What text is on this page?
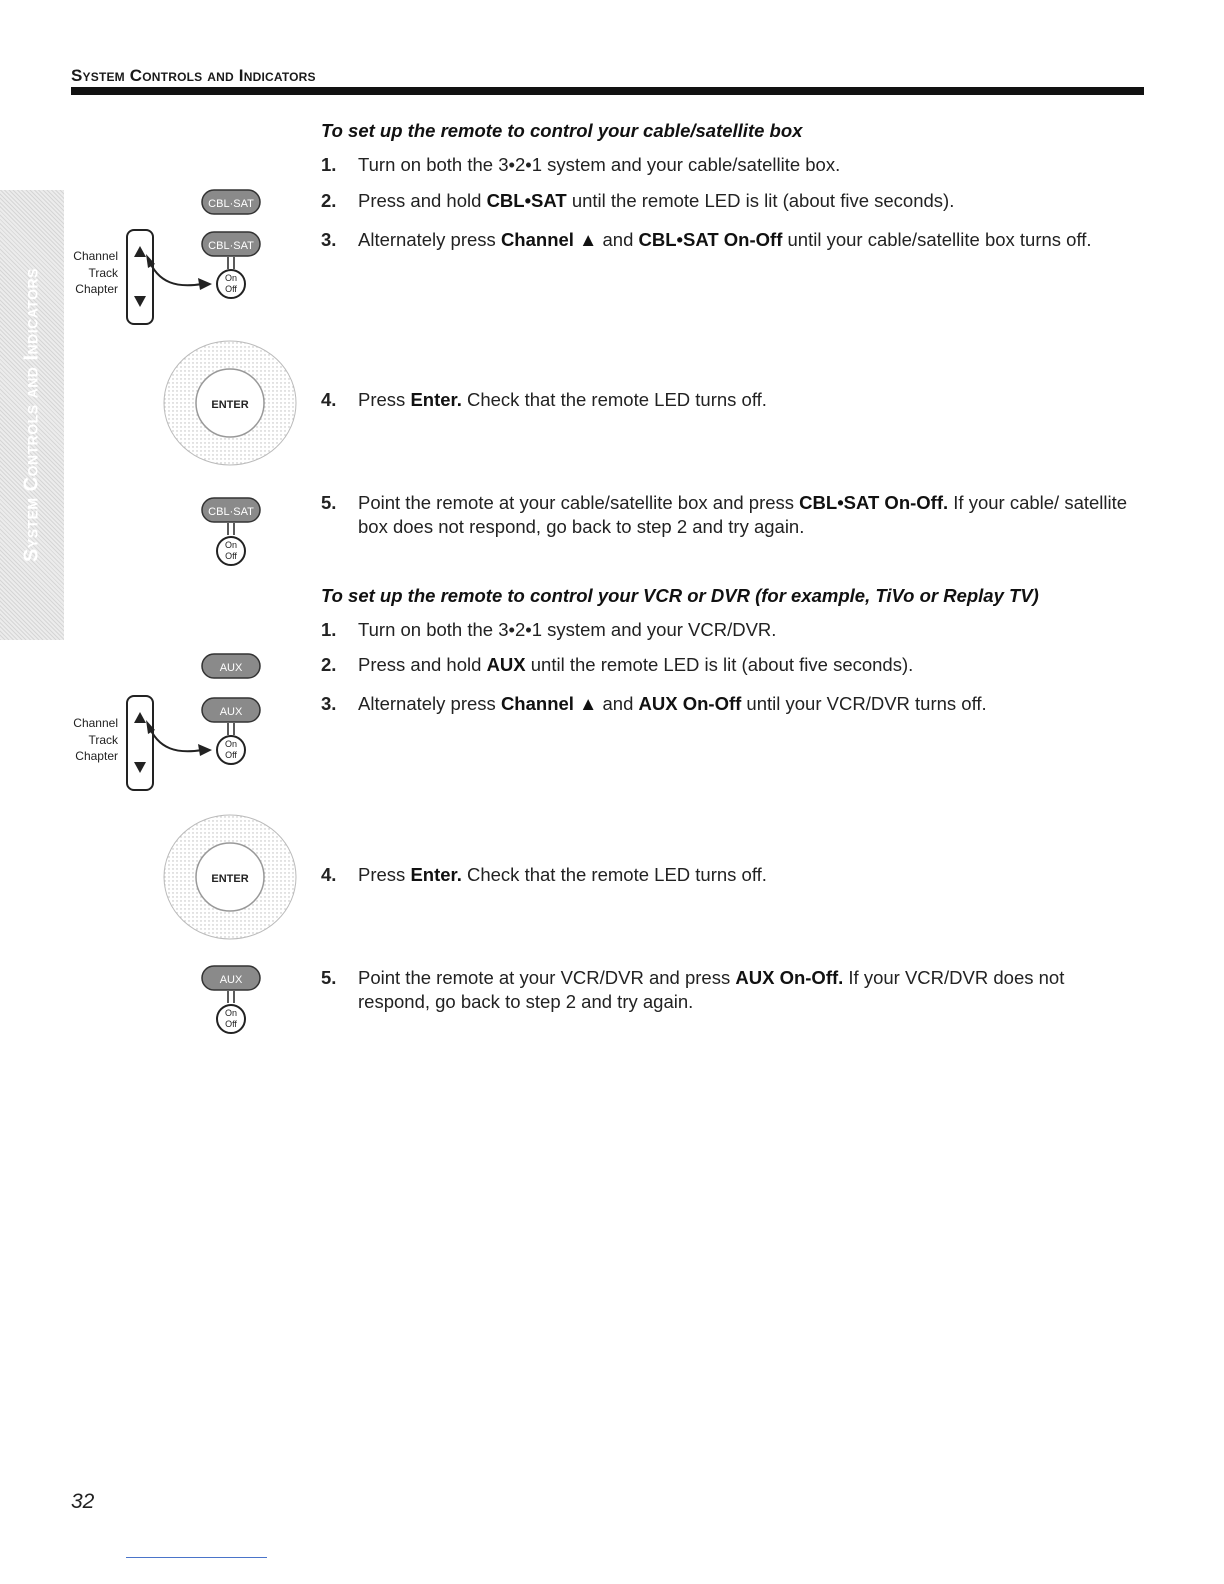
System Controls and Indicators
System Controls and Indicators
To set up the remote to control your cable/satellite box
1. Turn on both the 3•2•1 system and your cable/satellite box.
2. Press and hold CBL•SAT until the remote LED is lit (about five seconds).
3. Alternately press Channel ▲ and CBL•SAT On-Off until your cable/satellite box turns off.
4. Press Enter. Check that the remote LED turns off.
5. Point the remote at your cable/satellite box and press CBL•SAT On-Off. If your cable/ satellite box does not respond, go back to step 2 and try again.
CBL·SAT
Channel
Track
Chapter
CBL·SAT
On
Off
ENTER
CBL·SAT
On
Off
To set up the remote to control your VCR or DVR (for example, TiVo or Replay TV)
1. Turn on both the 3•2•1 system and your VCR/DVR.
2. Press and hold AUX until the remote LED is lit (about five seconds).
3. Alternately press Channel ▲ and AUX On-Off until your VCR/DVR turns off.
4. Press Enter. Check that the remote LED turns off.
5. Point the remote at your VCR/DVR and press AUX On-Off. If your VCR/DVR does not respond, go back to step 2 and try again.
AUX
Channel
Track
Chapter
AUX
On
Off
ENTER
AUX
On
Off
32
